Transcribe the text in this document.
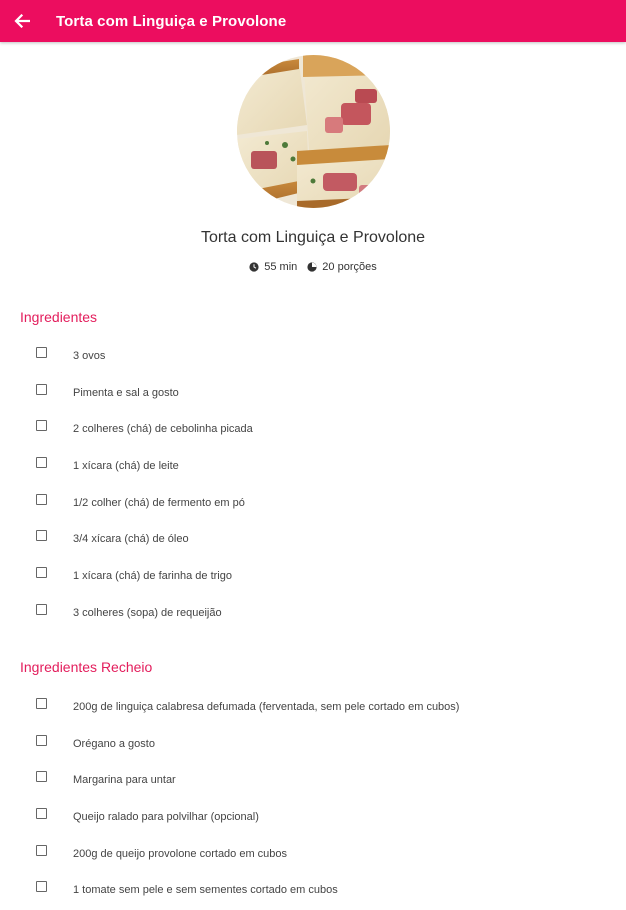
Torta com Linguiça e Provolone
Torta com Linguiça e Provolone
55 min 20 porções
Ingredientes
3 ovos
Pimenta e sal a gosto
2 colheres (chá) de cebolinha picada
1 xícara (chá) de leite
1/2 colher (chá) de fermento em pó
3/4 xícara (chá) de óleo
1 xícara (chá) de farinha de trigo
3 colheres (sopa) de requeijão
Ingredientes Recheio
200g de linguiça calabresa defumada (ferventada, sem pele cortado em cubos)
Orégano a gosto
Margarina para untar
Queijo ralado para polvilhar (opcional)
200g de queijo provolone cortado em cubos
1 tomate sem pele e sem sementes cortado em cubos
